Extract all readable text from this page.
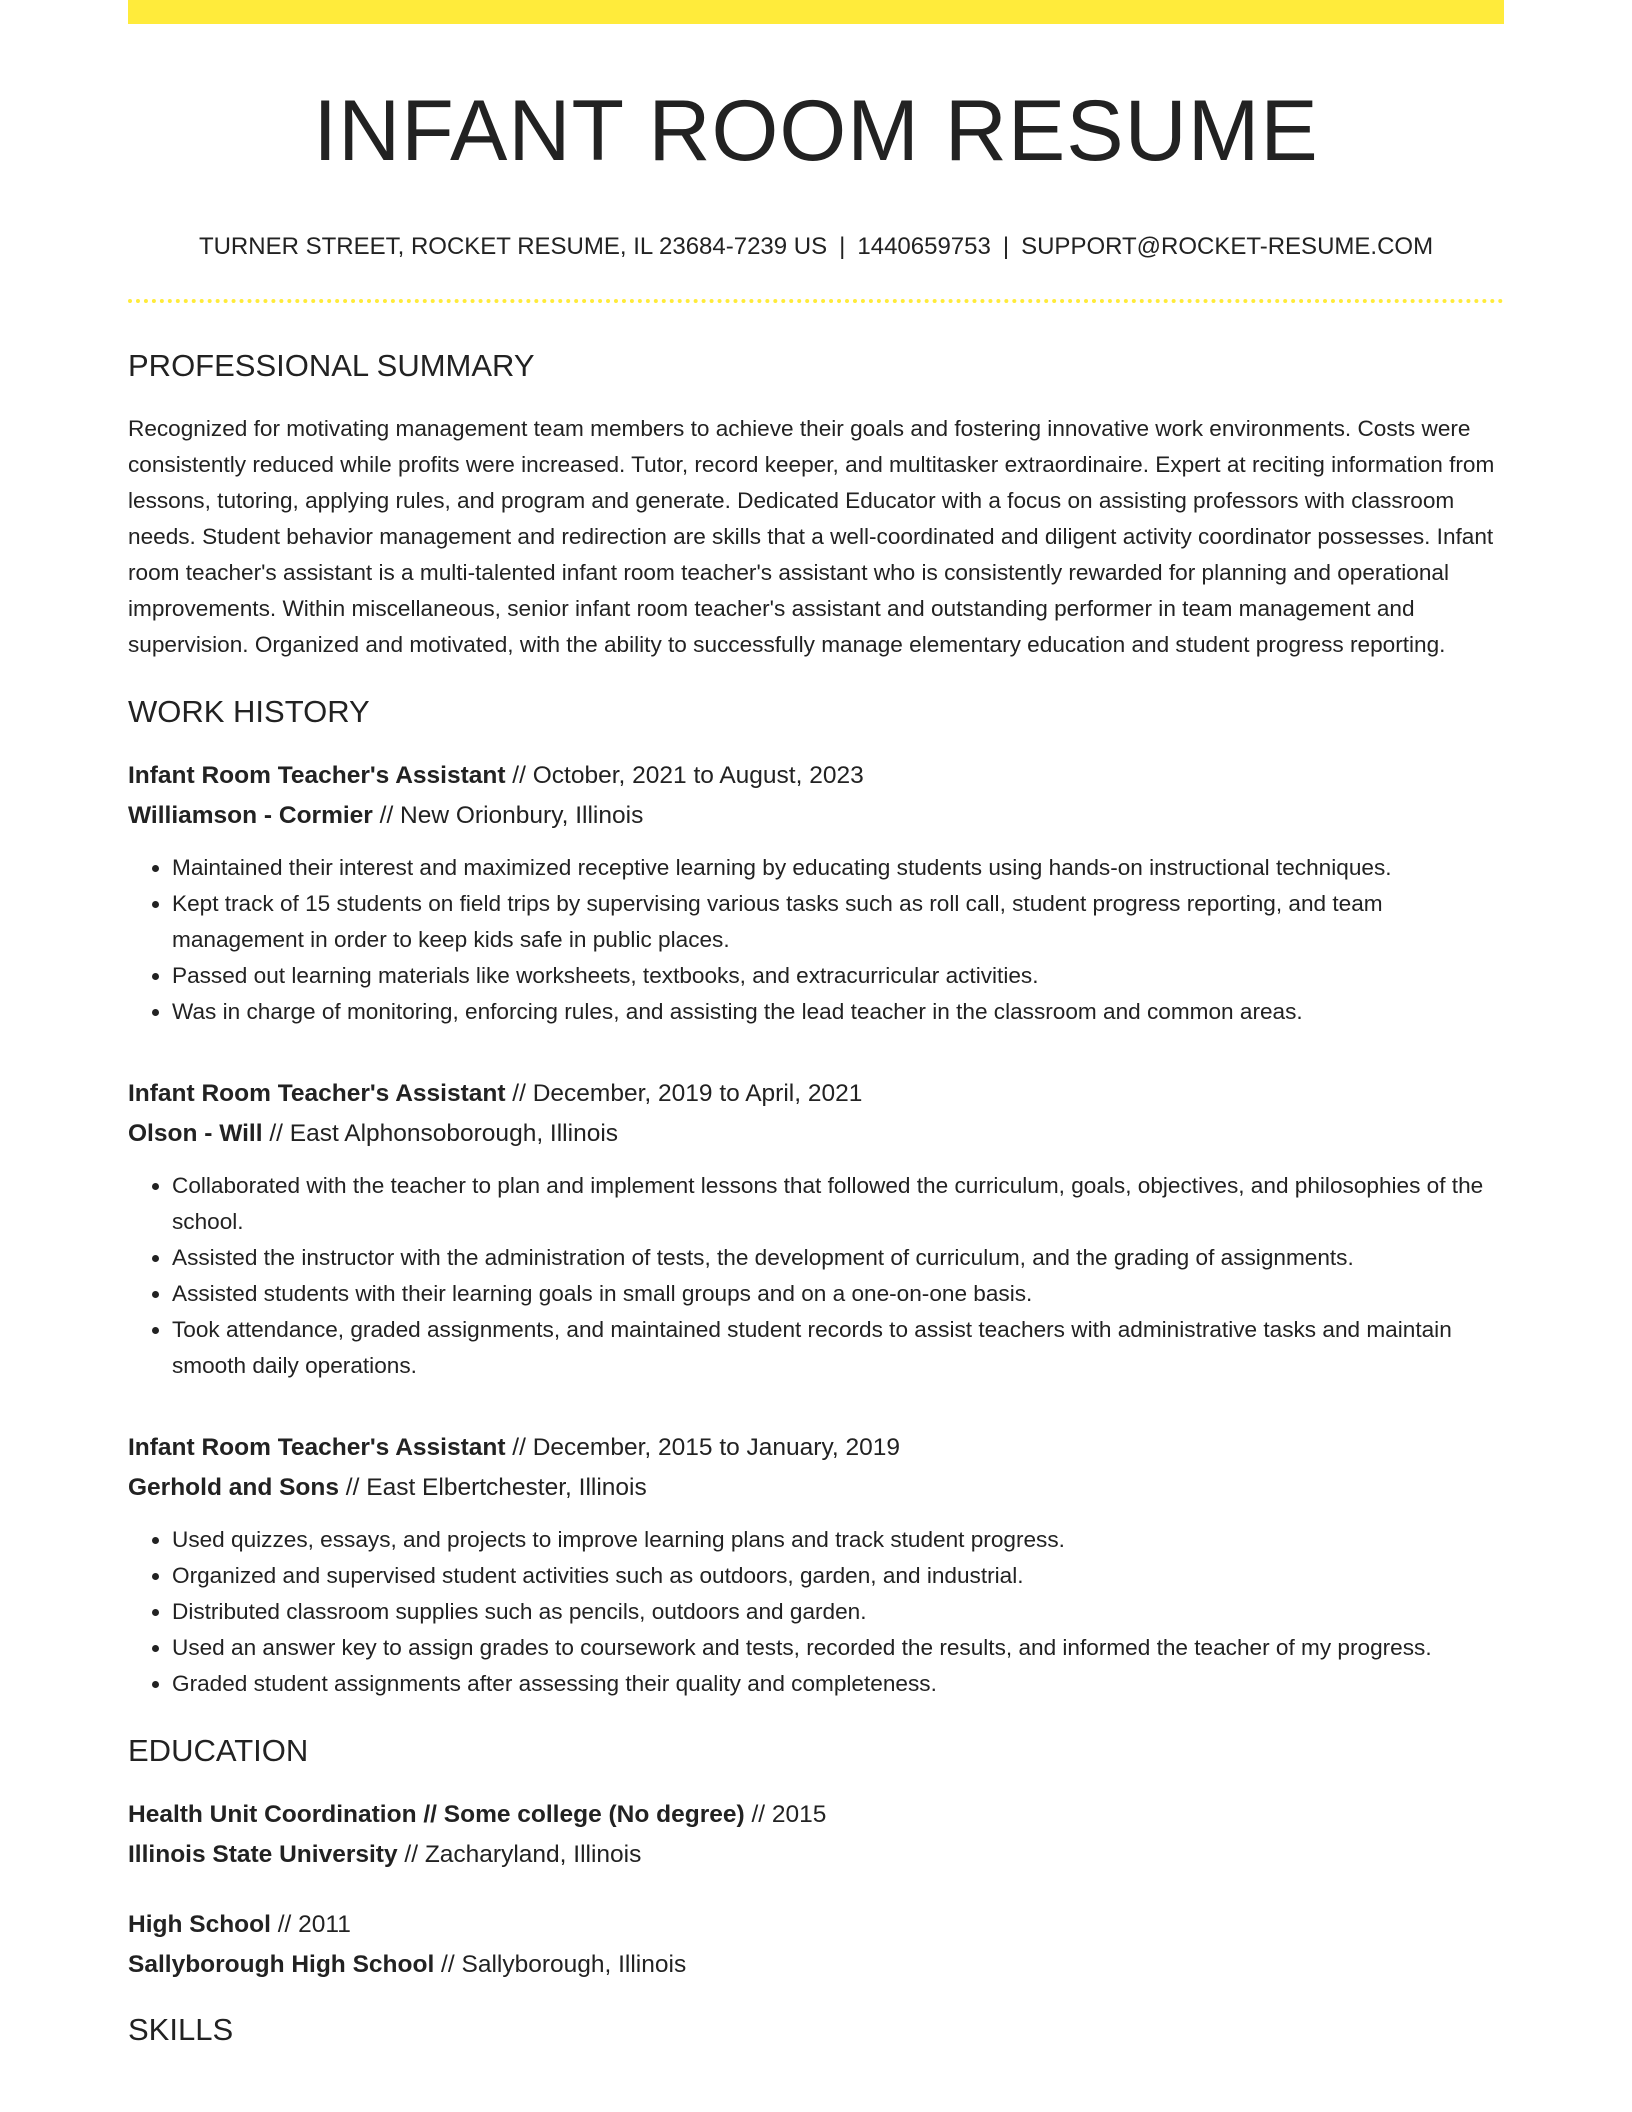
INFANT ROOM RESUME
TURNER STREET, ROCKET RESUME, IL 23684-7239 US | 1440659753 | SUPPORT@ROCKET-RESUME.COM
PROFESSIONAL SUMMARY

Recognized for motivating management team members to achieve their goals and fostering innovative work environments. Costs were consistently reduced while profits were increased. Tutor, record keeper, and multitasker extraordinaire. Expert at reciting information from lessons, tutoring, applying rules, and program and generate. Dedicated Educator with a focus on assisting professors with classroom needs. Student behavior management and redirection are skills that a well-coordinated and diligent activity coordinator possesses. Infant room teacher's assistant is a multi-talented infant room teacher's assistant who is consistently rewarded for planning and operational improvements. Within miscellaneous, senior infant room teacher's assistant and outstanding performer in team management and supervision. Organized and motivated, with the ability to successfully manage elementary education and student progress reporting.

WORK HISTORY
Infant Room Teacher's Assistant // October, 2021 to August, 2023
Williamson - Cormier // New Orionbury, Illinois
• Maintained their interest and maximized receptive learning by educating students using hands-on instructional techniques.
• Kept track of 15 students on field trips by supervising various tasks such as roll call, student progress reporting, and team management in order to keep kids safe in public places.
• Passed out learning materials like worksheets, textbooks, and extracurricular activities.
• Was in charge of monitoring, enforcing rules, and assisting the lead teacher in the classroom and common areas.
Infant Room Teacher's Assistant // December, 2019 to April, 2021
Olson - Will // East Alphonsoborough, Illinois
• Collaborated with the teacher to plan and implement lessons that followed the curriculum, goals, objectives, and philosophies of the school.
• Assisted the instructor with the administration of tests, the development of curriculum, and the grading of assignments.
• Assisted students with their learning goals in small groups and on a one-on-one basis.
• Took attendance, graded assignments, and maintained student records to assist teachers with administrative tasks and maintain smooth daily operations.
Infant Room Teacher's Assistant // December, 2015 to January, 2019
Gerhold and Sons // East Elbertchester, Illinois
• Used quizzes, essays, and projects to improve learning plans and track student progress.
• Organized and supervised student activities such as outdoors, garden, and industrial.
• Distributed classroom supplies such as pencils, outdoors and garden.
• Used an answer key to assign grades to coursework and tests, recorded the results, and informed the teacher of my progress.
• Graded student assignments after assessing their quality and completeness.
EDUCATION
Health Unit Coordination // Some college (No degree) // 2015
Illinois State University // Zacharyland, Illinois
High School // 2011
Sallyborough High School // Sallyborough, Illinois
SKILLS
